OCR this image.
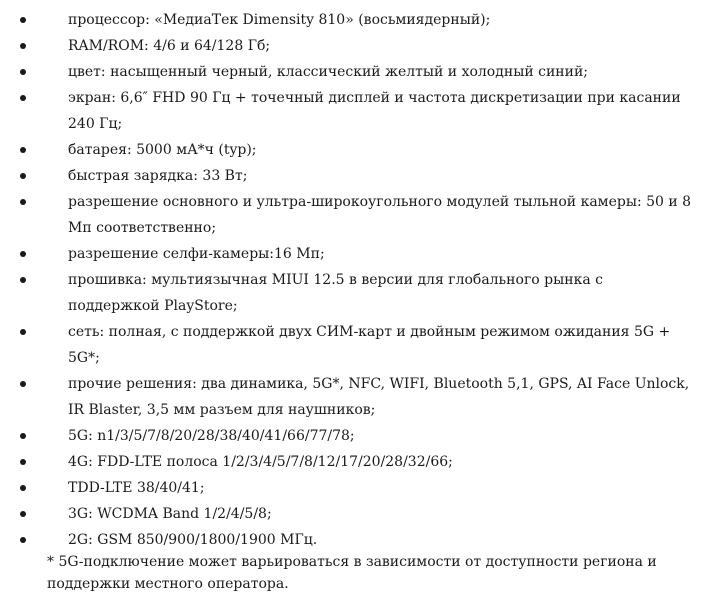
процессор: «МедиаТек Dimensity 810» (восьмиядерный);
RAM/ROM: 4/6 и 64/128 Гб;
цвет: насыщенный черный, классический желтый и холодный синий;
экран: 6,6″ FHD 90 Гц + точечный дисплей и частота дискретизации при касании 240 Гц;
батарея: 5000 мА*ч (typ);
быстрая зарядка: 33 Вт;
разрешение основного и ультра-широкоугольного модулей тыльной камеры: 50 и 8 Мп соответственно;
разрешение селфи-камеры:16 Мп;
прошивка: мультиязычная MIUI 12.5 в версии для глобального рынка с поддержкой PlayStore;
сеть: полная, с поддержкой двух СИМ-карт и двойным режимом ожидания 5G + 5G*;
прочие решения: два динамика, 5G*, NFC, WIFI, Bluetooth 5,1, GPS, AI Face Unlock, IR Blaster, 3,5 мм разъем для наушников;
5G: n1/3/5/7/8/20/28/38/40/41/66/77/78;
4G: FDD-LTE полоса 1/2/3/4/5/7/8/12/17/20/28/32/66;
TDD-LTE 38/40/41;
3G: WCDMA Band 1/2/4/5/8;
2G: GSM 850/900/1800/1900 МГц.

* 5G-подключение может варьироваться в зависимости от доступности региона и поддержки местного оператора.
